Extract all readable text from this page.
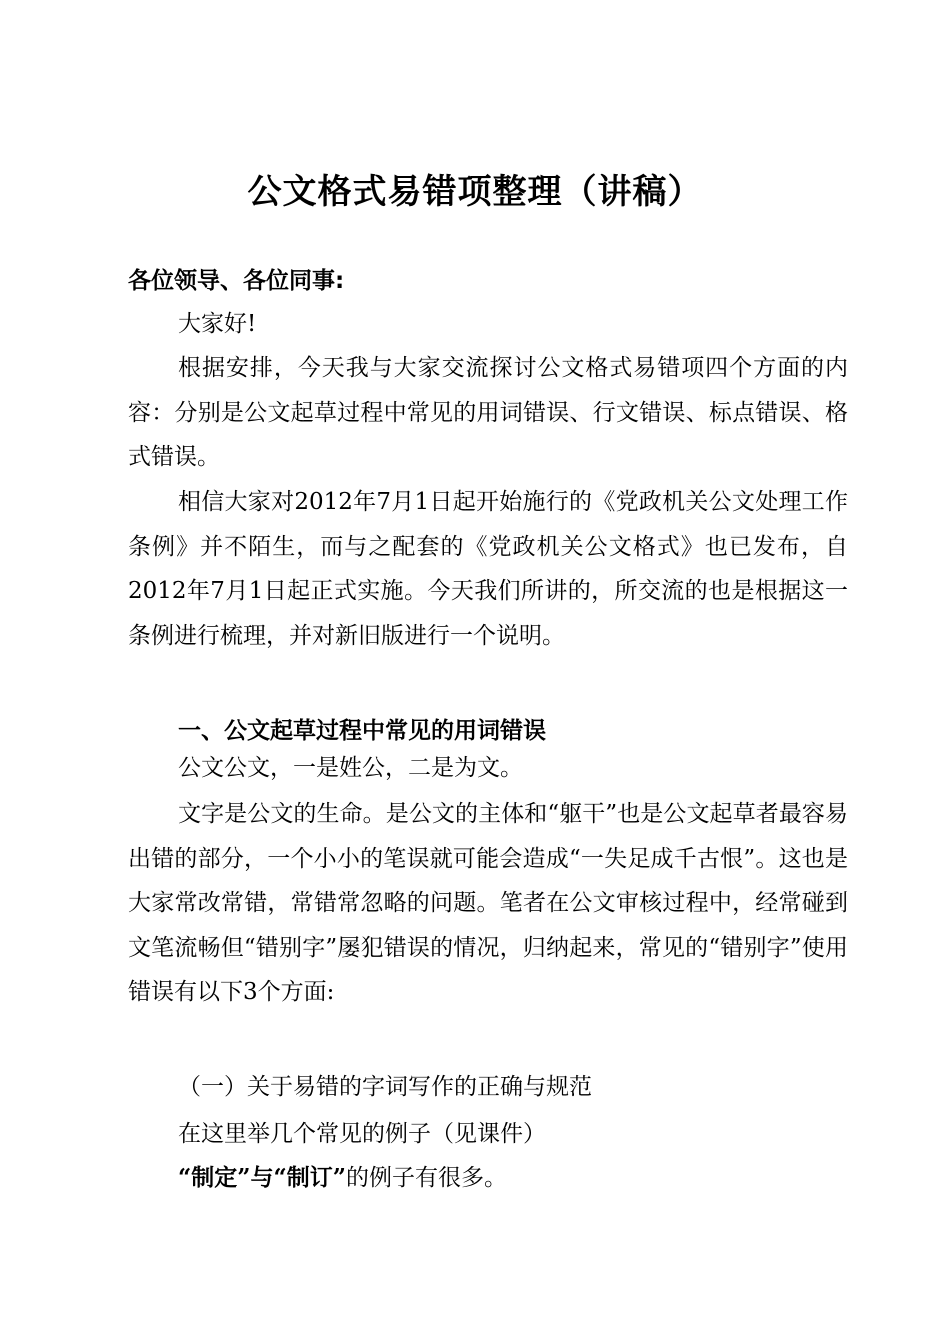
公文格式易错项整理（讲稿）
各位领导、各位同事:
大家好!
根据安排，今天我与大家交流探讨公文格式易错项四个方面的内容：分别是公文起草过程中常见的用词错误、行文错误、标点错误、格式错误。
相信大家对2012年7月1日起开始施行的《党政机关公文处理工作条例》并不陌生，而与之配套的《党政机关公文格式》也已发布，自2012年7月1日起正式实施。今天我们所讲的，所交流的也是根据这一条例进行梳理，并对新旧版进行一个说明。
一、公文起草过程中常见的用词错误
公文公文，一是姓公，二是为文。
文字是公文的生命。是公文的主体和“躯干”也是公文起草者最容易出错的部分，一个小小的笔误就可能会造成“一失足成千古恨”。这也是大家常改常错，常错常忽略的问题。笔者在公文审核过程中，经常碰到文笔流畅但“错别字”屡犯错误的情况，归纳起来，常见的“错别字”使用错误有以下3个方面:
（一）关于易错的字词写作的正确与规范
在这里举几个常见的例子（见课件）
“制定”与“制订”的例子有很多。
